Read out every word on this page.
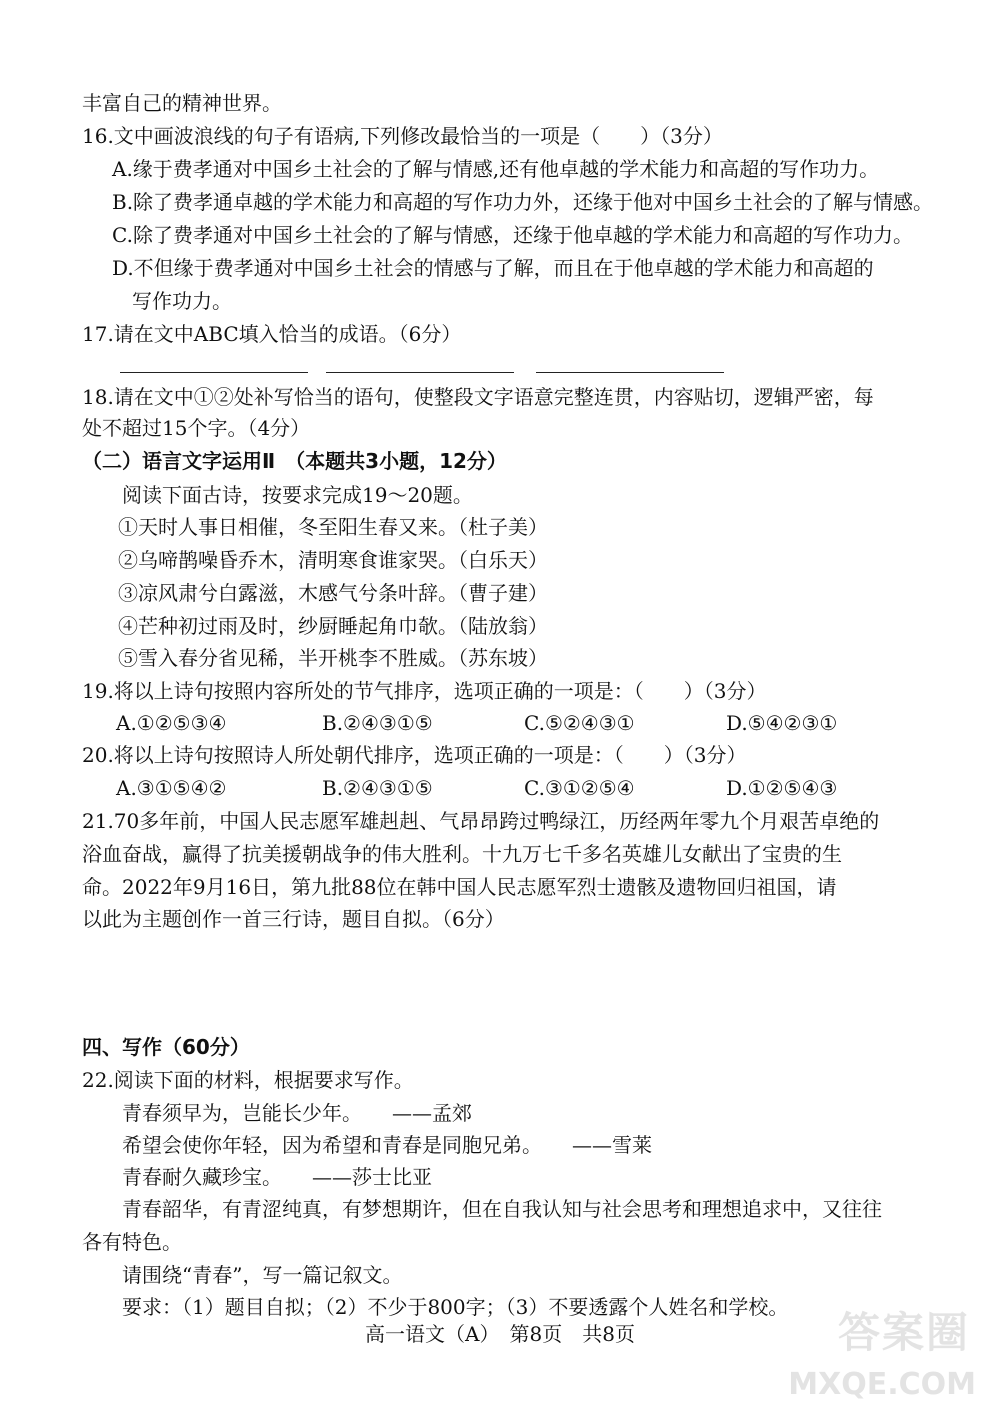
丰富自己的精神世界。
16.文中画波浪线的句子有语病,下列修改最恰当的一项是（　　）（3分）
A.缘于费孝通对中国乡土社会的了解与情感,还有他卓越的学术能力和高超的写作功力。
B.除了费孝通卓越的学术能力和高超的写作功力外，还缘于他对中国乡土社会的了解与情感。
C.除了费孝通对中国乡土社会的了解与情感，还缘于他卓越的学术能力和高超的写作功力。
D.不但缘于费孝通对中国乡土社会的情感与了解，而且在于他卓越的学术能力和高超的
写作功力。
17.请在文中ABC填入恰当的成语。（6分）
18.请在文中①②处补写恰当的语句，使整段文字语意完整连贯，内容贴切，逻辑严密，每
处不超过15个字。（4分）
（二）语言文字运用Ⅱ　（本题共3小题，12分）
阅读下面古诗，按要求完成19～20题。
①天时人事日相催，冬至阳生春又来。（杜子美）
②乌啼鹊噪昏乔木，清明寒食谁家哭。（白乐天）
③凉风肃兮白露滋，木感气兮条叶辞。（曹子建）
④芒种初过雨及时，纱厨睡起角巾欹。（陆放翁）
⑤雪入春分省见稀，半开桃李不胜威。（苏东坡）
19.将以上诗句按照内容所处的节气排序，选项正确的一项是：（　　）（3分）
A.①②⑤③④	B.②④③①⑤	C.⑤②④③①	D.⑤④②③①
20.将以上诗句按照诗人所处朝代排序，选项正确的一项是：（　　）（3分）
A.③①⑤④②	B.②④③①⑤	C.③①②⑤④	D.①②⑤④③
21.70多年前，中国人民志愿军雄赳赳、气昂昂跨过鸭绿江，历经两年零九个月艰苦卓绝的
浴血奋战，赢得了抗美援朝战争的伟大胜利。十九万七千多名英雄儿女献出了宝贵的生
命。2022年9月16日，第九批88位在韩中国人民志愿军烈士遗骸及遗物回归祖国，请
以此为主题创作一首三行诗，题目自拟。（6分）
四、写作（60分）
22.阅读下面的材料，根据要求写作。
青春须早为，岂能长少年。　　——孟郊
希望会使你年轻，因为希望和青春是同胞兄弟。　　——雪莱
青春耐久藏珍宝。　　——莎士比亚
青春韶华，有青涩纯真，有梦想期许，但在自我认知与社会思考和理想追求中，又往往
各有特色。
请围绕“青春”，写一篇记叙文。
要求：（1）题目自拟；（2）不少于800字；（3）不要透露个人姓名和学校。
高一语文（A）　第8页　共8页	答案圈
MXQE.COM
